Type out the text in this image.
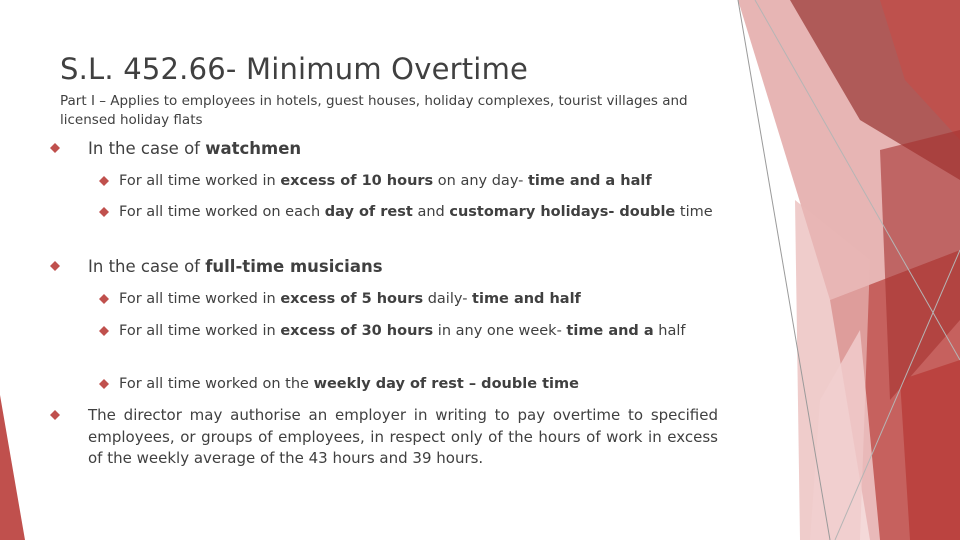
S.L. 452.66- Minimum Overtime
Part I – Applies to employees in hotels, guest houses, holiday complexes, tourist villages and licensed holiday flats
In the case of watchmen
For all time worked in excess of 10 hours on any day- time and a half
For all time worked on each day of rest and customary holidays- double time
In the case of full-time musicians
For all time worked in excess of 5 hours daily- time and half
For all time worked in excess of 30 hours in any one week- time and a half
For all time worked on the weekly day of rest – double time
The director may authorise an employer in writing to pay overtime to specified employees, or groups of employees, in respect only of the hours of work in excess of the weekly average of the 43 hours and 39 hours.
